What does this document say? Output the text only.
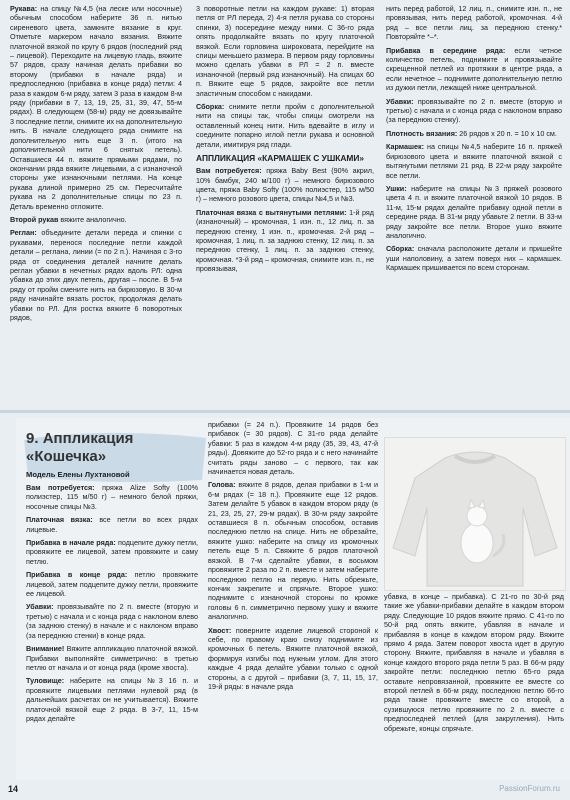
Рукава: на спицу №4,5 (на леске или носочные) обычным способом наберите 36 п. нитью сиреневого цвета, замкните вязание в круг. Отметьте маркером начало вязания. Вяжите платочной вязкой по кругу 6 рядов (последний ряд – лицевой). Переходите на лицевую гладь, вяжите 57 рядов, сразу начиная делать прибавки во второму (прибавки в начале ряда) и предпоследнюю (прибавка в конце ряда) петли: 4 раза в каждом 6-м ряду, затем 3 раза в каждом 8-м ряду (прибавки в 7, 13, 19, 25, 31, 39, 47, 55-м рядах). В следующем (58-м) ряду не довязывайте 3 последние петли, снимите их на дополнительную нить. В начале следующего ряда снимите на дополнительную нить еще 3 п. (итого на дополнительной нити 6 снятых петель). Оставшиеся 44 п. вяжите прямыми рядами, по окончании ряда вяжите лицевыми, а с изнаночной стороны уже изнаночными петлями. На конце рукава длиной примерно 25 см. Пересчитайте рукава на 2 дополнительные спицы по 23 п. Деталь временно отложите.

Второй рукав вяжите аналогично.

Реглан: объедините детали переда и спинки с рукавами, перенося последние петли каждой детали – реглана, линии (= по 2 п.). Начиная с 3-го ряда от соединения деталей начните делать реглан убавки в нечетных рядах вдоль РЛ: одна убавка до этих двух петель, другая – после. В 5-м ряду от пройм смените нить на бирюзовую. В 30-м ряду начинайте вязать росток, продолжая делать убавки по РЛ. Для ростка вяжите 6 поворотных рядов,

3 поворотные петли на каждом рукаве: 1) вторая петля от РЛ переда, 2) 4-я петля рукава со стороны спинки, 3) посередине между ними. С 36-го ряда опять продолжайте вязать по кругу платочной вязкой. Если горловина широковата, перейдите на спицы меньшего размера. В первом ряду горловины можно сделать убавки в РЛ = 2 п. вместе изнаночной (первый ряд изнаночный). На спицах 60 п. Вяжите еще 5 рядов, закройте все петли эластичным способом с накидами.

Сборка: снимите петли пройм с дополнительной нити на спицы так, чтобы спицы смотрели на оставленный конец нити. Нить вдевайте в иглу и соедините попарно иглой петли рукава и основной детали, имитируя ряд глади.

АППЛИКАЦИЯ «КАРМАШЕК С УШКАМИ»

Вам потребуется: пряжа Baby Best (90% акрил, 10% бамбук, 240 м/100 г) – немного бирюзового цвета, пряжа Baby Softy (100% полиэстер, 115 м/50 г) – немного розового цвета, спицы №4,5 и №3.

Платочная вязка с вытянутыми петлями: 1-й ряд (изнаночный) – кромочная, 1 изн. п., 12 лиц. п. за переднюю стенку, 1 изн. п., кромочная. 2-й ряд – кромочная, 1 лиц. п. за заднюю стенку, 12 лиц. п. за переднюю стенку, 1 лиц. п. за заднюю стенку, кромочная. *3-й ряд – кромочная, снимите изн. п., не провязывая,

нить перед работой, 12 лиц. п., снимите изн. п., не провязывая, нить перед работой, кромочная. 4-й ряд – все петли лиц. за переднюю стенку.* Повторяйте *–*.

Прибавка в середине ряда: если четное количество петель, поднимите и провязывайте скрещенной петлей из протяжки в центре ряда, а если нечетное – поднимите дополнительную петлю из дужки петли, лежащей ниже центральной.

Убавки: провязывайте по 2 п. вместе (вторую и третью) с начала и с конца ряда с наклоном вправо (за переднюю стенку).

Плотность вязания: 26 рядов х 20 п. = 10 х 10 см.

Кармашек: на спицы №4,5 наберите 16 п. пряжей бирюзового цвета и вяжите платочной вязкой с вытянутыми петлями 21 ряд. В 22-м ряду закройте все петли.

Ушки: наберите на спицы №3 пряжей розового цвета 4 п. и вяжите платочной вязкой 10 рядов. В 11-м, 15-м рядах делайте прибавку одной петли в середине ряда. В 31-м ряду убавьте 2 петли. В 33-м ряду закройте все петли. Второе ушко вяжите аналогично.

Сборка: сначала расположите детали и пришейте уши наполовину, а затем поверх них – кармашек. Кармашек пришивается по всем сторонам.

9. Аппликация
«Кошечка»
Модель Елены Лухтановой

Вам потребуется: пряжа Alize Softy (100% полиэстер, 115 м/50 г) – немного белой пряжи, носочные спицы №3.

Платочная вязка: все петли во всех рядах лицевые.

Прибавка в начале ряда: подцепите дужку петли, провяжите ее лицевой, затем провяжите и саму петлю.

Прибавка в конце ряда: петлю провяжите лицевой, затем подцепите дужку петли, провяжите ее лицевой.

Убавки: провязывайте по 2 п. вместе (вторую и третью) с начала и с конца ряда с наклоном влево (за заднюю стенку) в начале и с наклоном вправо (за переднюю стенки) в конце ряда.

Внимание! Вяжите аппликацию платочной вязкой. Прибавки выполняйте симметрично: в третью петлю от начала и от конца ряда (кроме хвоста).

Туловище: наберите на спицы №3 16 п. и провяжите лицевыми петлями нулевой ряд (в дальнейших расчетах он не учитывается). Вяжите платочной вязкой еще 2 ряда. В 3-7, 11, 15-м рядах делайте

прибавки (= 24 п.). Провяжите 14 рядов без прибавок (= 30 рядов). С 31-го ряда делайте убавки: 5 раз в каждом 4-м ряду (35, 39, 43, 47-й ряды). Довяжите до 52-го ряда и с него начинайте считать ряды заново – с первого, так как начинается новая деталь.

Голова: вяжите 8 рядов, делая прибавки в 1-м и 6-м рядах (= 18 п.). Провяжите еще 12 рядов. Затем делайте 5 убавок в каждом втором ряду (в 21, 23, 25, 27, 29-м рядах). В 30-м ряду закройте оставшиеся 8 п. обычным способом, оставив последнюю петлю на спице. Нить не обрезайте, вяжите ушко: наберите на спицу из кромочных петель еще 5 п. Свяжите 6 рядов платочной вязкой. В 7-м сделайте убавки, в восьмом провяжите 2 раза по 2 п. вместе и затем наберите последнюю петлю на первую. Нить обрежьте, кончик закрепите и спрячьте. Второе ушко: поднимите с изнаночной стороны по кромке головы 6 п. симметрично первому ушку и вяжите аналогично.

Хвост: поверните изделие лицевой стороной к себе, по правому краю снизу поднимите из кромочных 6 петель. Вяжите платочной вязкой, формируя изгибы под нужным углом. Для этого каждые 4 ряда делайте убавки только с одной стороны, а с другой – прибавки (3, 7, 11, 15, 17, 19-й ряды: в начале ряда

убавка, в конце – прибавка). С 21-го по 30-й ряд такие же убавки-прибавки делайте в каждом втором ряду. Следующие 10 рядов вяжите прямо. С 41-го по 50-й ряд опять вяжите, убавляя в начале и прибавляя в конце в каждом втором ряду. Вяжите прямо 4 ряда. Затем поворот хвоста идет в другую сторону. Вяжите, прибавляя в начале и убавляя в конце каждого второго ряда петли 5 раз. В 66-м ряду закройте петли: последнюю петлю 65-го ряда оставьте непровязанной, провяжите ее вместе со второй петлей в 66-м ряду, последнюю петлю 66-го ряда также провяжите вместе со второй, а сузившуюся петлю провяжите по 2 п. вместе с предпоследней петлей (для закругления). Нить обрежьте, концы спрячьте.

14	PassionForum.ru
